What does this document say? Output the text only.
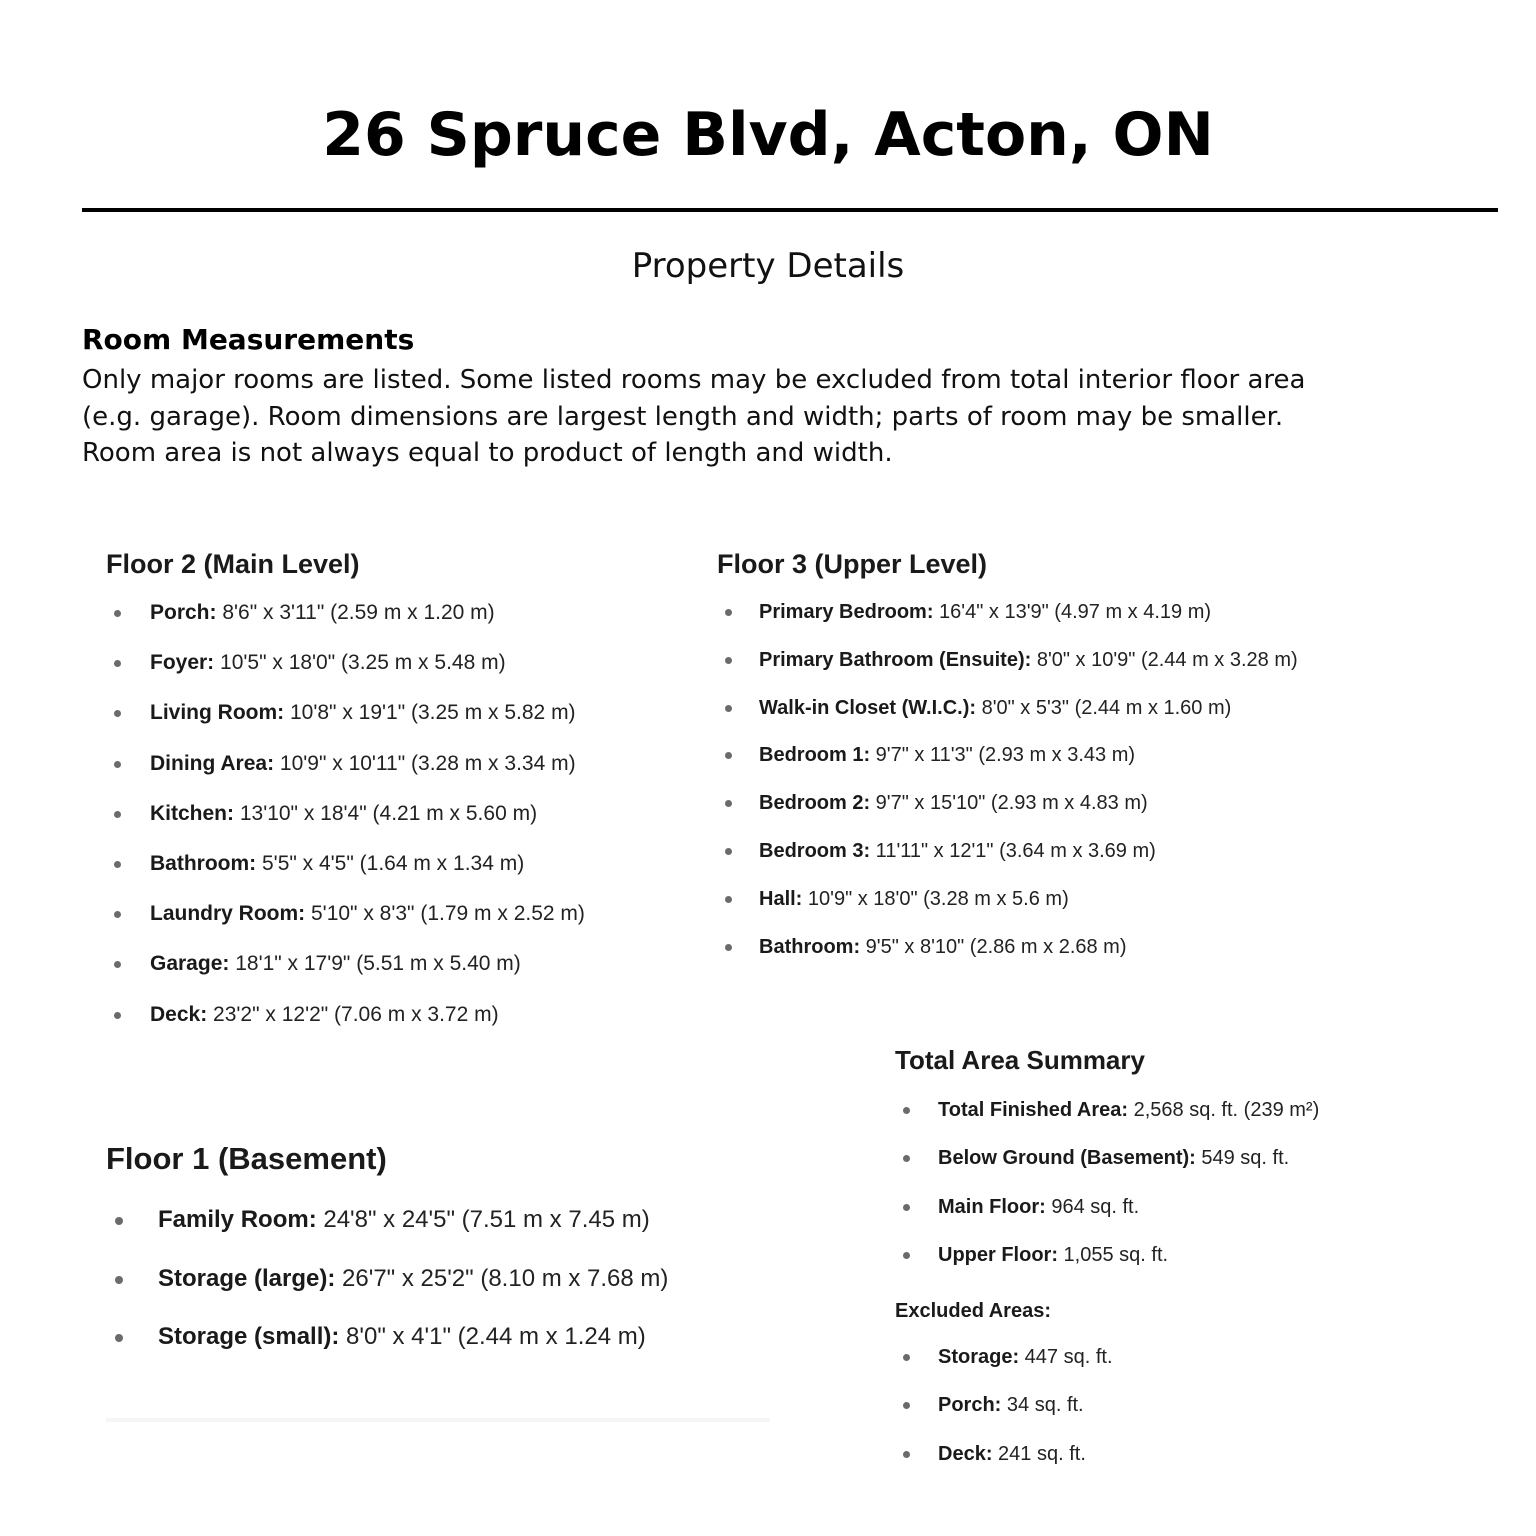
26 Spruce Blvd, Acton, ON
Property Details
Room Measurements
Only major rooms are listed. Some listed rooms may be excluded from total interior floor area (e.g. garage). Room dimensions are largest length and width; parts of room may be smaller. Room area is not always equal to product of length and width.
Floor 2 (Main Level)
Porch: 8'6" x 3'11" (2.59 m x 1.20 m)
Foyer: 10'5" x 18'0" (3.25 m x 5.48 m)
Living Room: 10'8" x 19'1" (3.25 m x 5.82 m)
Dining Area: 10'9" x 10'11" (3.28 m x 3.34 m)
Kitchen: 13'10" x 18'4" (4.21 m x 5.60 m)
Bathroom: 5'5" x 4'5" (1.64 m x 1.34 m)
Laundry Room: 5'10" x 8'3" (1.79 m x 2.52 m)
Garage: 18'1" x 17'9" (5.51 m x 5.40 m)
Deck: 23'2" x 12'2" (7.06 m x 3.72 m)
Floor 3 (Upper Level)
Primary Bedroom: 16'4" x 13'9" (4.97 m x 4.19 m)
Primary Bathroom (Ensuite): 8'0" x 10'9" (2.44 m x 3.28 m)
Walk-in Closet (W.I.C.): 8'0" x 5'3" (2.44 m x 1.60 m)
Bedroom 1: 9'7" x 11'3" (2.93 m x 3.43 m)
Bedroom 2: 9'7" x 15'10" (2.93 m x 4.83 m)
Bedroom 3: 11'11" x 12'1" (3.64 m x 3.69 m)
Hall: 10'9" x 18'0" (3.28 m x 5.6 m)
Bathroom: 9'5" x 8'10" (2.86 m x 2.68 m)
Floor 1 (Basement)
Family Room: 24'8" x 24'5" (7.51 m x 7.45 m)
Storage (large): 26'7" x 25'2" (8.10 m x 7.68 m)
Storage (small): 8'0" x 4'1" (2.44 m x 1.24 m)
Total Area Summary
Total Finished Area: 2,568 sq. ft. (239 m²)
Below Ground (Basement): 549 sq. ft.
Main Floor: 964 sq. ft.
Upper Floor: 1,055 sq. ft.
Excluded Areas:
Storage: 447 sq. ft.
Porch: 34 sq. ft.
Deck: 241 sq. ft.
